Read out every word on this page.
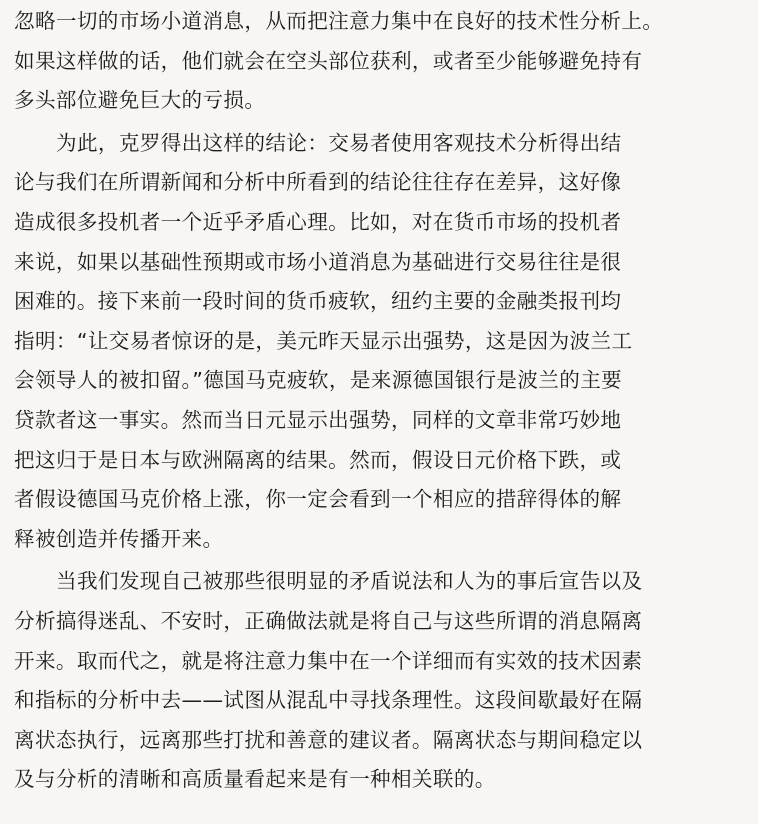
忽略一切的市场小道消息，从而把注意力集中在良好的技术性分析上。
如果这样做的话，他们就会在空头部位获利，或者至少能够避免持有
多头部位避免巨大的亏损。

为此，克罗得出这样的结论：交易者使用客观技术分析得出结
论与我们在所谓新闻和分析中所看到的结论往往存在差异，这好像
造成很多投机者一个近乎矛盾心理。比如，对在货币市场的投机者
来说，如果以基础性预期或市场小道消息为基础进行交易往往是很
困难的。接下来前一段时间的货币疲软，纽约主要的金融类报刊均
指明：“让交易者惊讶的是，美元昨天显示出强势，这是因为波兰工
会领导人的被扣留。”德国马克疲软，是来源德国银行是波兰的主要
贷款者这一事实。然而当日元显示出强势，同样的文章非常巧妙地
把这归于是日本与欧洲隔离的结果。然而，假设日元价格下跌，或
者假设德国马克价格上涨，你一定会看到一个相应的措辞得体的解
释被创造并传播开来。

当我们发现自己被那些很明显的矛盾说法和人为的事后宣告以及
分析搞得迷乱、不安时，正确做法就是将自己与这些所谓的消息隔离
开来。取而代之，就是将注意力集中在一个详细而有实效的技术因素
和指标的分析中去——试图从混乱中寻找条理性。这段间歇最好在隔
离状态执行，远离那些打扰和善意的建议者。隔离状态与期间稳定以
及与分析的清晰和高质量看起来是有一种相关联的。
